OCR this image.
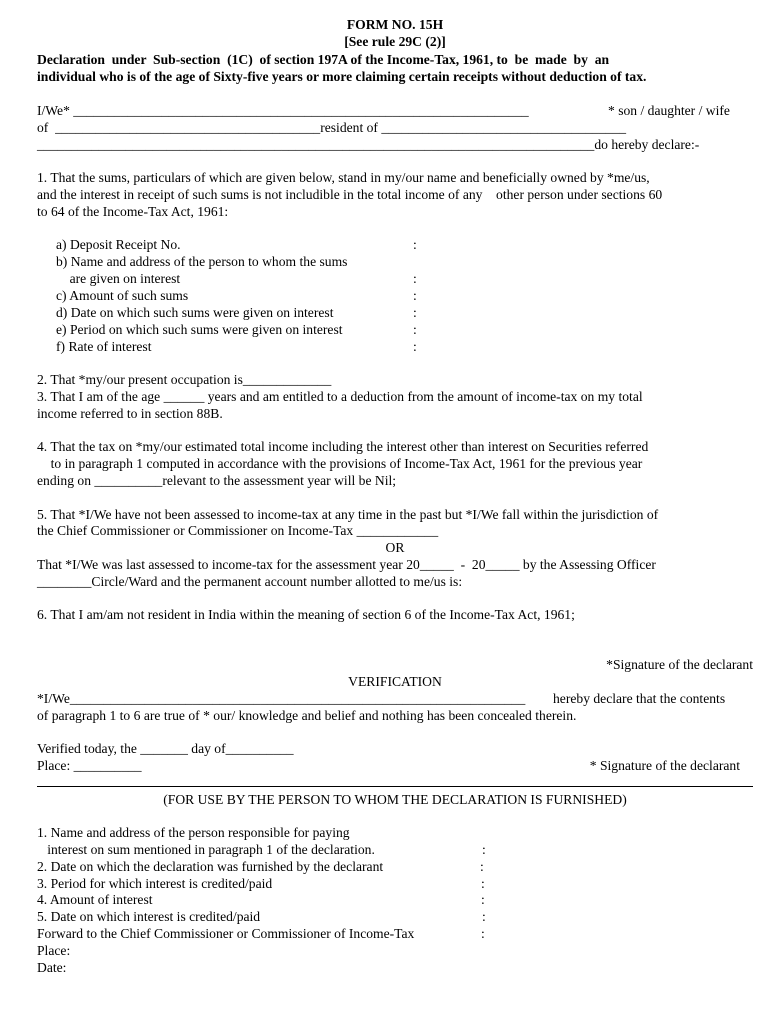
FORM NO. 15H
[See rule 29C (2)]
Declaration  under  Sub-section  (1C)  of section 197A of the Income-Tax, 1961, to  be  made  by  an
individual who is of the age of Sixty-five years or more claiming certain receipts without deduction of tax.
I/We* ___________________________________________________________________	* son / daughter / wife
of  _______________________________________resident of ____________________________________
__________________________________________________________________________________do hereby declare:-
1. That the sums, particulars of which are given below, stand in my/our name and beneficially owned by *me/us,
and the interest in receipt of such sums is not includible in the total income of any    other person under sections 60
to 64 of the Income-Tax Act, 1961:
a) Deposit Receipt No.	:
b) Name and address of the person to whom the sums
are given on interest	:
c) Amount of such sums	:
d) Date on which such sums were given on interest	:
e) Period on which such sums were given on interest	:
f) Rate of interest	:
2. That *my/our present occupation is_____________
3. That I am of the age ______ years and am entitled to a deduction from the amount of income-tax on my total
income referred to in section 88B.
4. That the tax on *my/our estimated total income including the interest other than interest on Securities referred
to in paragraph 1 computed in accordance with the provisions of Income-Tax Act, 1961 for the previous year
ending on __________relevant to the assessment year will be Nil;
5. That *I/We have not been assessed to income-tax at any time in the past but *I/We fall within the jurisdiction of
the Chief Commissioner or Commissioner on Income-Tax ____________
OR
That *I/We was last assessed to income-tax for the assessment year 20_____  -  20_____ by the Assessing Officer
________Circle/Ward and the permanent account number allotted to me/us is:
6. That I am/am not resident in India within the meaning of section 6 of the Income-Tax Act, 1961;
*Signature of the declarant
VERIFICATION
*I/We___________________________________________________________________ hereby declare that the contents
of paragraph 1 to 6 are true of * our/ knowledge and belief and nothing has been concealed therein.
Verified today, the _______ day of__________
Place: __________	* Signature of the declarant
(FOR USE BY THE PERSON TO WHOM THE DECLARATION IS FURNISHED)
1. Name and address of the person responsible for paying
interest on sum mentioned in paragraph 1 of the declaration.	:
2. Date on which the declaration was furnished by the declarant	:
3. Period for which interest is credited/paid	:
4. Amount of interest	:
5. Date on which interest is credited/paid	:
Forward to the Chief Commissioner or Commissioner of Income-Tax	:
Place:
Date:
